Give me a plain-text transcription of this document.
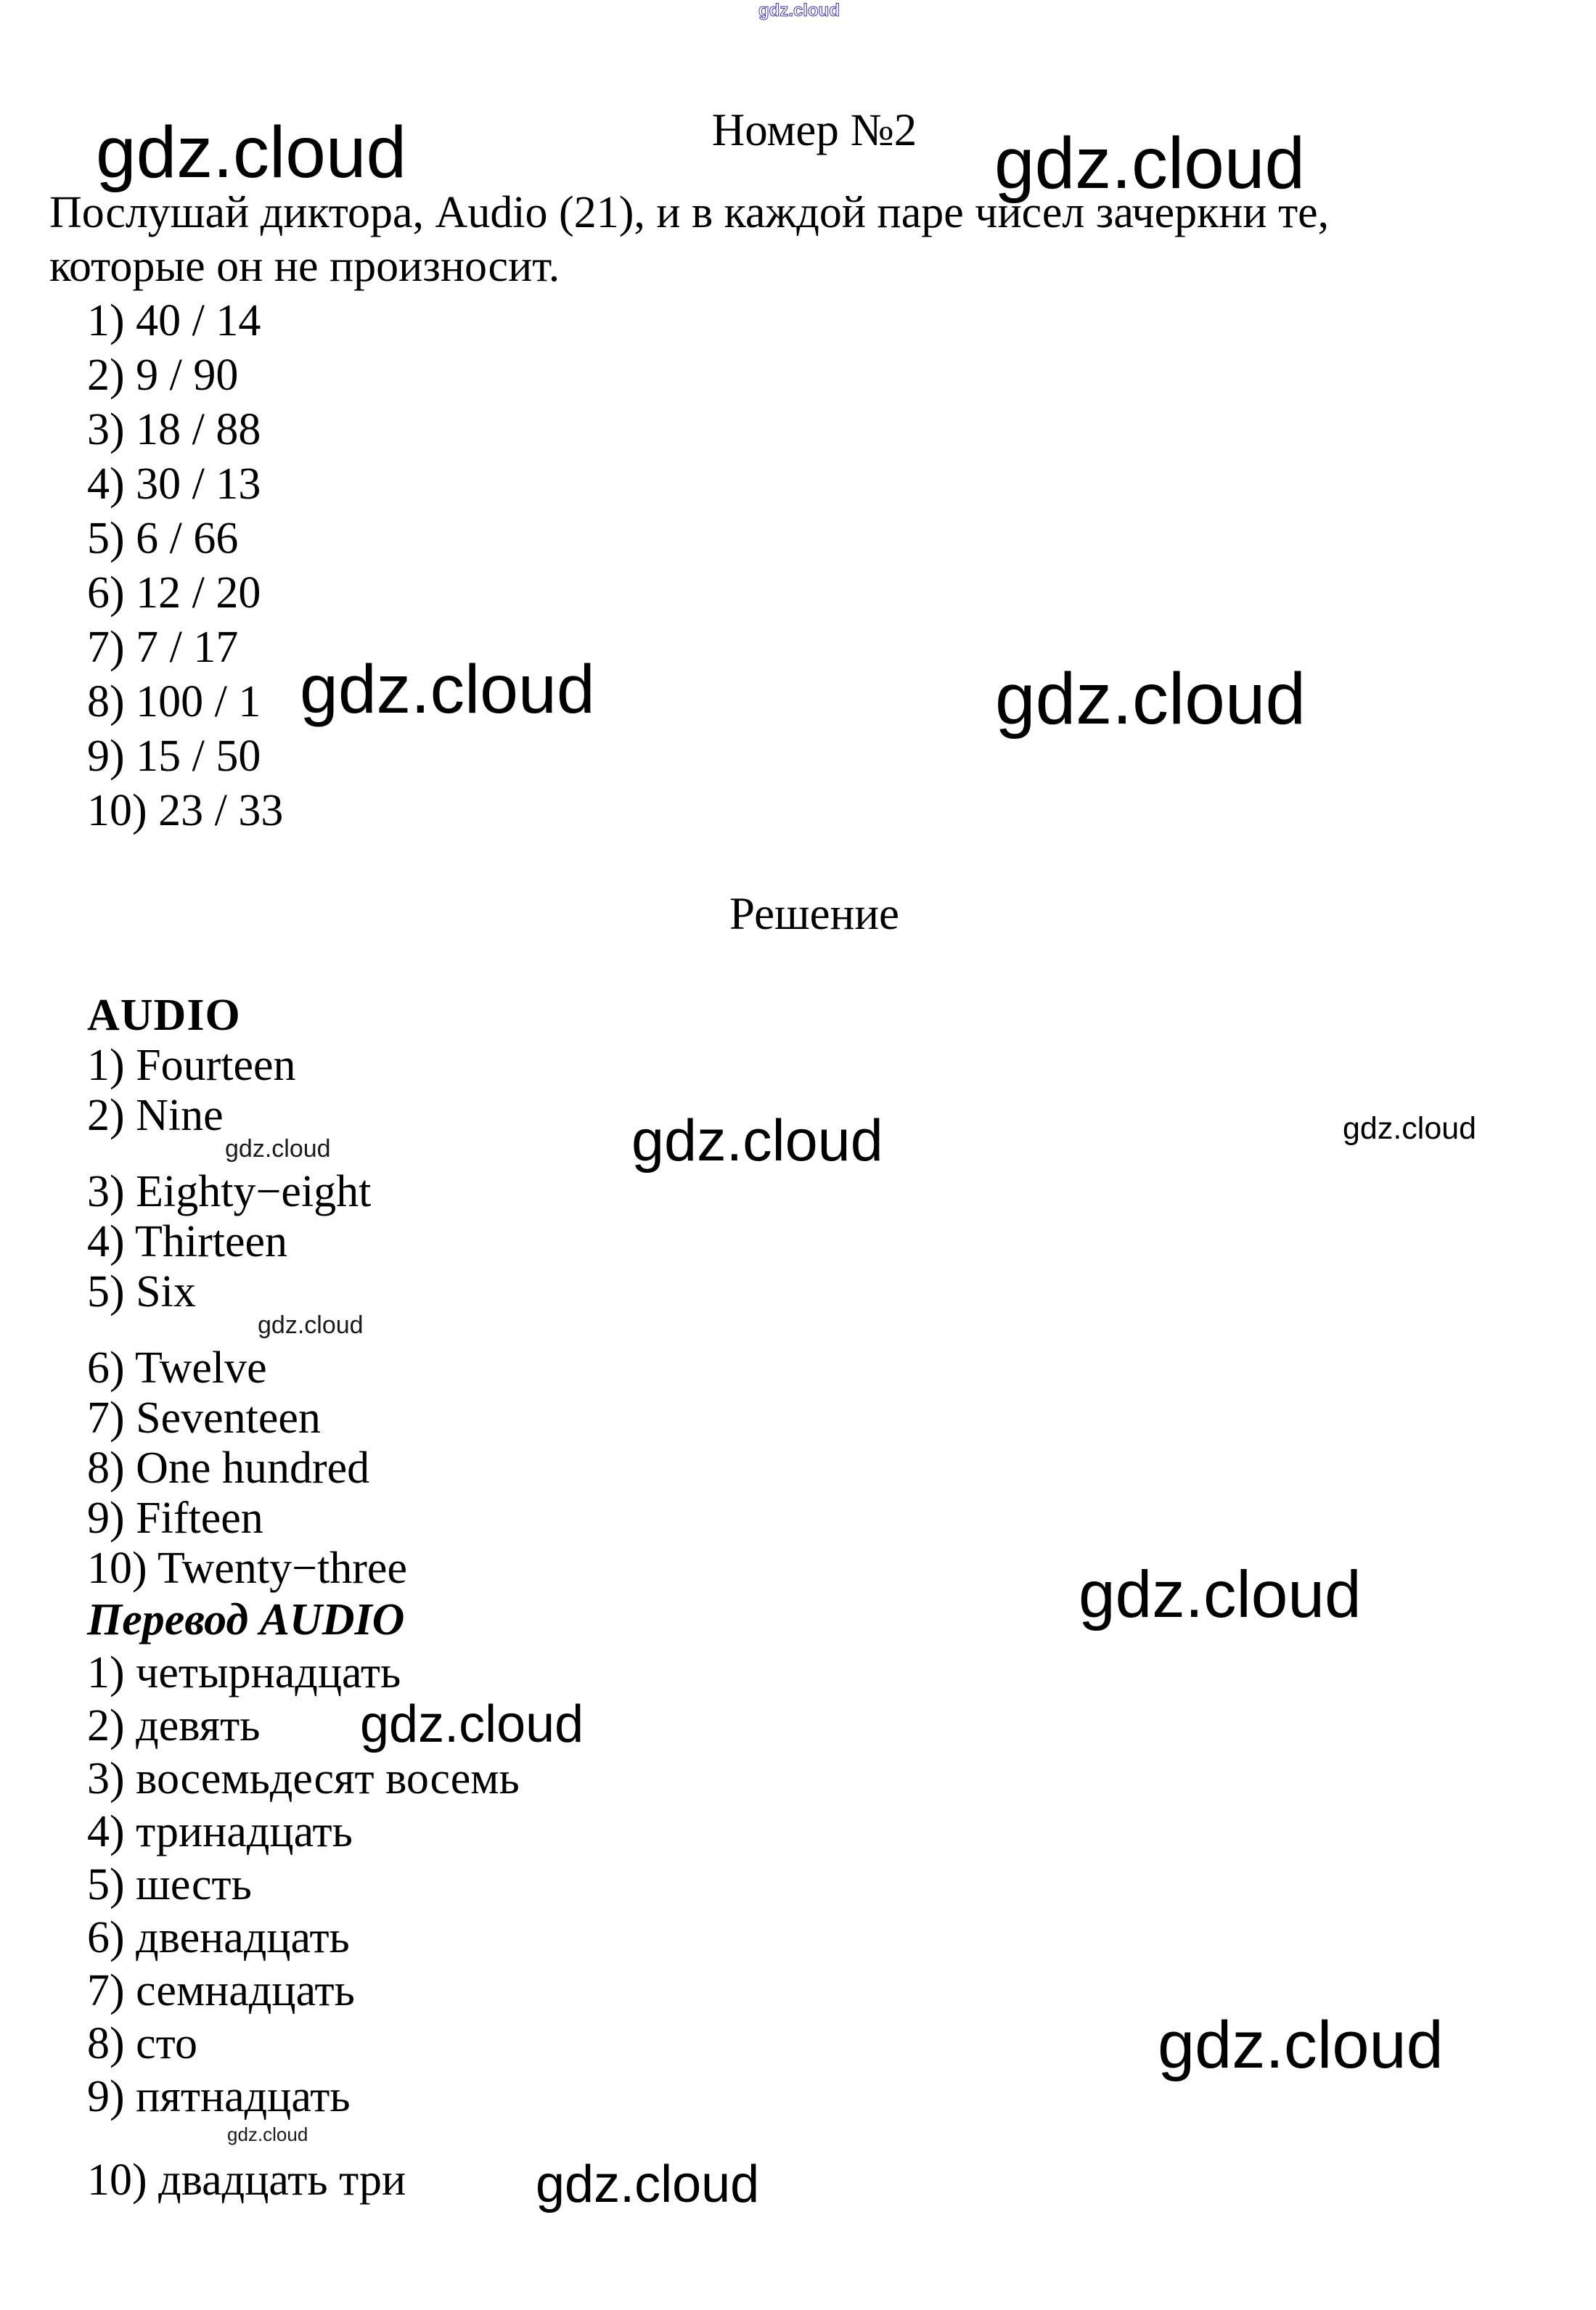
gdz.cloud
Номер №2
gdz.cloud	gdz.cloud
Послушай диктора, Audio (21), и в каждой паре чисел зачеркни те,
которые он не произносит.
1) 40 / 14
2) 9 / 90
3) 18 / 88
4) 30 / 13
5) 6 / 66
6) 12 / 20
7) 7 / 17
8) 100 / 1
9) 15 / 50
10) 23 / 33
gdz.cloud	gdz.cloud
Решение
AUDIO
1) Fourteen
2) Nine
gdz.cloud
3) Eighty−eight
4) Thirteen
5) Six
gdz.cloud
6) Twelve
7) Seventeen
8) One hundred
9) Fifteen
10) Twenty−three
Перевод AUDIO
1) четырнадцать
2) девять
3) восемьдесят восемь
4) тринадцать
5) шесть
6) двенадцать
7) семнадцать
8) сто
9) пятнадцать
gdz.cloud
10) двадцать три
gdz.cloud	gdz.cloud
gdz.cloud
gdz.cloud
gdz.cloud
gdz.cloud
